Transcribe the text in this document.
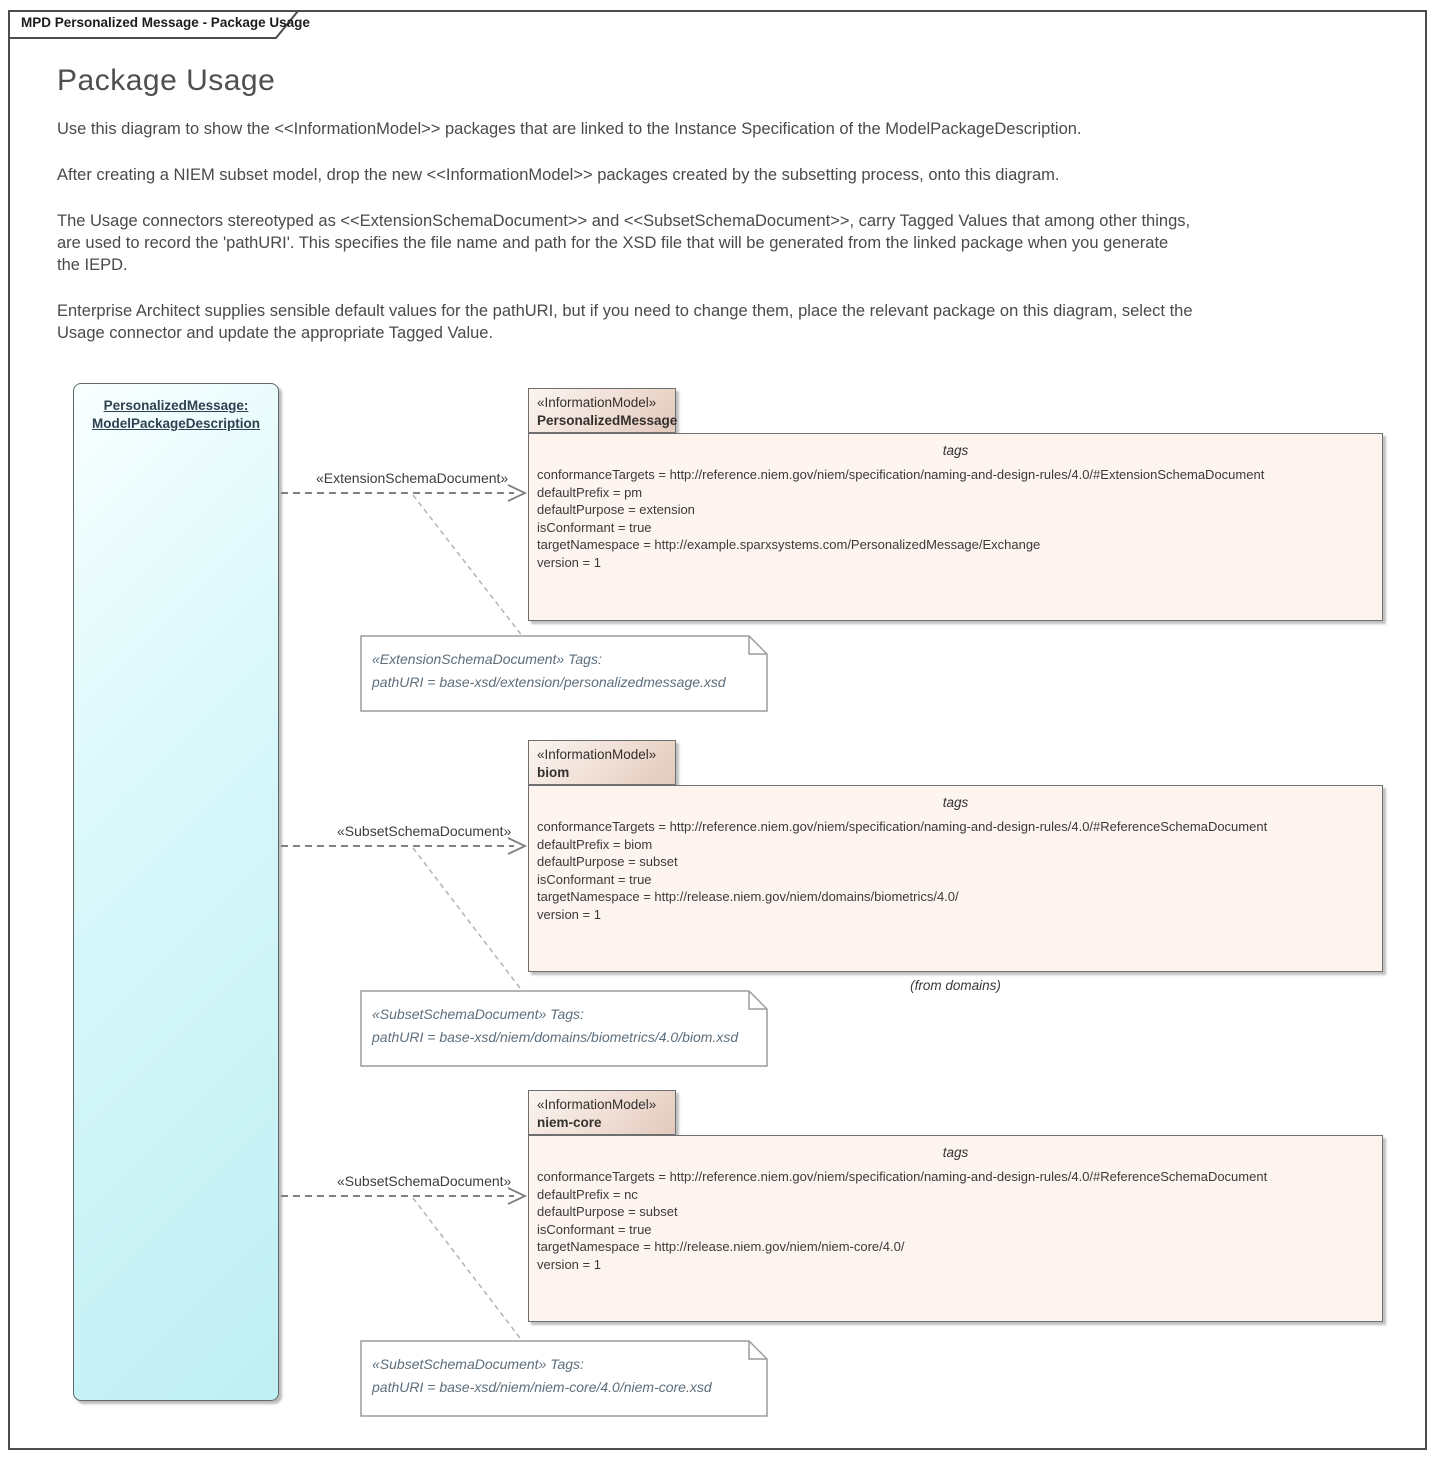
MPD Personalized Message - Package Usage
Package Usage

Use this diagram to show the <<InformationModel>> packages that are linked to the Instance Specification of the ModelPackageDescription.

After creating a NIEM subset model, drop the new <<InformationModel>> packages created by the subsetting process, onto this diagram.

The Usage connectors stereotyped as <<ExtensionSchemaDocument>> and <<SubsetSchemaDocument>>, carry Tagged Values that among other things, are used to record the 'pathURI'. This specifies the file name and path for the XSD file that will be generated from the linked package when you generate the IEPD.

Enterprise Architect supplies sensible default values for the pathURI, but if you need to change them, place the relevant package on this diagram, select the Usage connector and update the appropriate Tagged Value.

PersonalizedMessage:
ModelPackageDescription
«ExtensionSchemaDocument»
«SubsetSchemaDocument»
«SubsetSchemaDocument»
«InformationModel»
PersonalizedMessage
tags
conformanceTargets = http://reference.niem.gov/niem/specification/naming-and-design-rules/4.0/#ExtensionSchemaDocument
defaultPrefix = pm
defaultPurpose = extension
isConformant = true
targetNamespace = http://example.sparxsystems.com/PersonalizedMessage/Exchange
version = 1
«InformationModel»
biom
tags
conformanceTargets = http://reference.niem.gov/niem/specification/naming-and-design-rules/4.0/#ReferenceSchemaDocument
defaultPrefix = biom
defaultPurpose = subset
isConformant = true
targetNamespace = http://release.niem.gov/niem/domains/biometrics/4.0/
version = 1
(from domains)
«InformationModel»
niem-core
tags
conformanceTargets = http://reference.niem.gov/niem/specification/naming-and-design-rules/4.0/#ReferenceSchemaDocument
defaultPrefix = nc
defaultPurpose = subset
isConformant = true
targetNamespace = http://release.niem.gov/niem/niem-core/4.0/
version = 1
«ExtensionSchemaDocument» Tags:
pathURI = base-xsd/extension/personalizedmessage.xsd
«SubsetSchemaDocument» Tags:
pathURI = base-xsd/niem/domains/biometrics/4.0/biom.xsd
«SubsetSchemaDocument» Tags:
pathURI = base-xsd/niem/niem-core/4.0/niem-core.xsd
